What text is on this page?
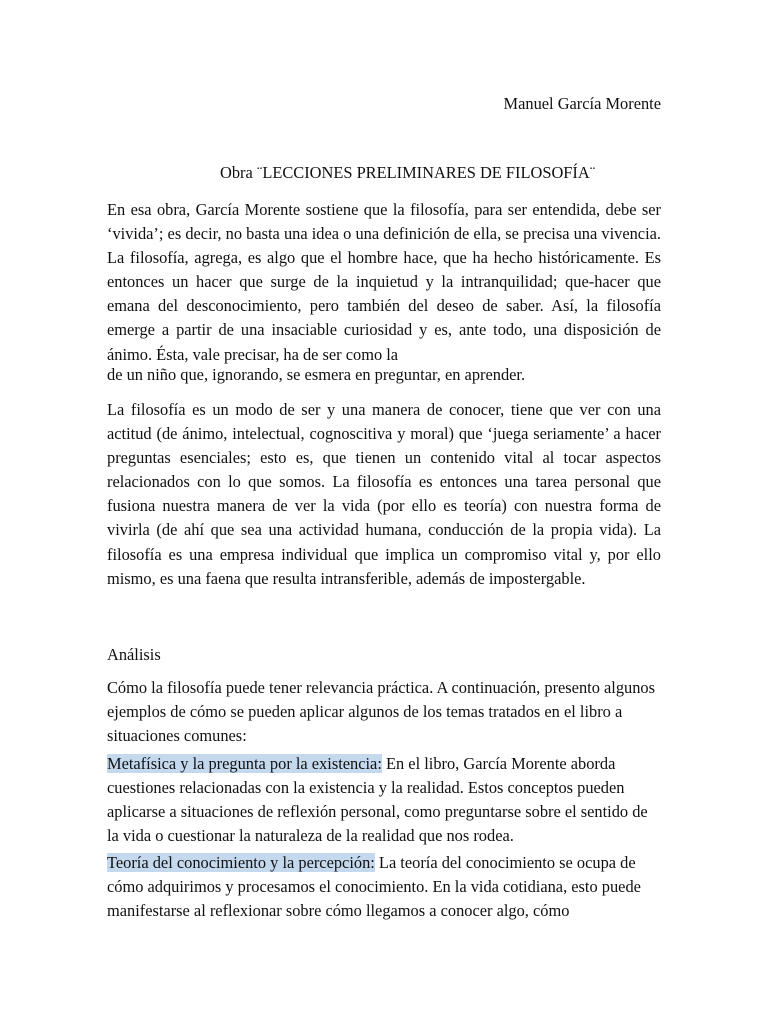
Manuel García Morente
Obra ¨LECCIONES PRELIMINARES DE FILOSOFÍA¨

En esa obra, García Morente sostiene que la filosofía, para ser entendida, debe ser ‘vivida’; es decir, no basta una idea o una definición de ella, se precisa una vivencia. La filosofía, agrega, es algo que el hombre hace, que ha hecho históricamente. Es entonces un hacer que surge de la inquietud y la intranquilidad; que-hacer que emana del desconocimiento, pero también del deseo de saber. Así, la filosofía emerge a partir de una insaciable curiosidad y es, ante todo, una disposición de ánimo. Ésta, vale precisar, ha de ser como la

de un niño que, ignorando, se esmera en preguntar, en aprender.

La filosofía es un modo de ser y una manera de conocer, tiene que ver con una actitud (de ánimo, intelectual, cognoscitiva y moral) que ‘juega seriamente’ a hacer preguntas esenciales; esto es, que tienen un contenido vital al tocar aspectos relacionados con lo que somos. La filosofía es entonces una tarea personal que fusiona nuestra manera de ver la vida (por ello es teoría) con nuestra forma de vivirla (de ahí que sea una actividad humana, conducción de la propia vida). La filosofía es una empresa individual que implica un compromiso vital y, por ello mismo, es una faena que resulta intransferible, además de impostergable.

Análisis

Cómo la filosofía puede tener relevancia práctica. A continuación, presento algunos ejemplos de cómo se pueden aplicar algunos de los temas tratados en el libro a situaciones comunes:

Metafísica y la pregunta por la existencia: En el libro, García Morente aborda cuestiones relacionadas con la existencia y la realidad. Estos conceptos pueden aplicarse a situaciones de reflexión personal, como preguntarse sobre el sentido de la vida o cuestionar la naturaleza de la realidad que nos rodea.

Teoría del conocimiento y la percepción: La teoría del conocimiento se ocupa de cómo adquirimos y procesamos el conocimiento. En la vida cotidiana, esto puede manifestarse al reflexionar sobre cómo llegamos a conocer algo, cómo
